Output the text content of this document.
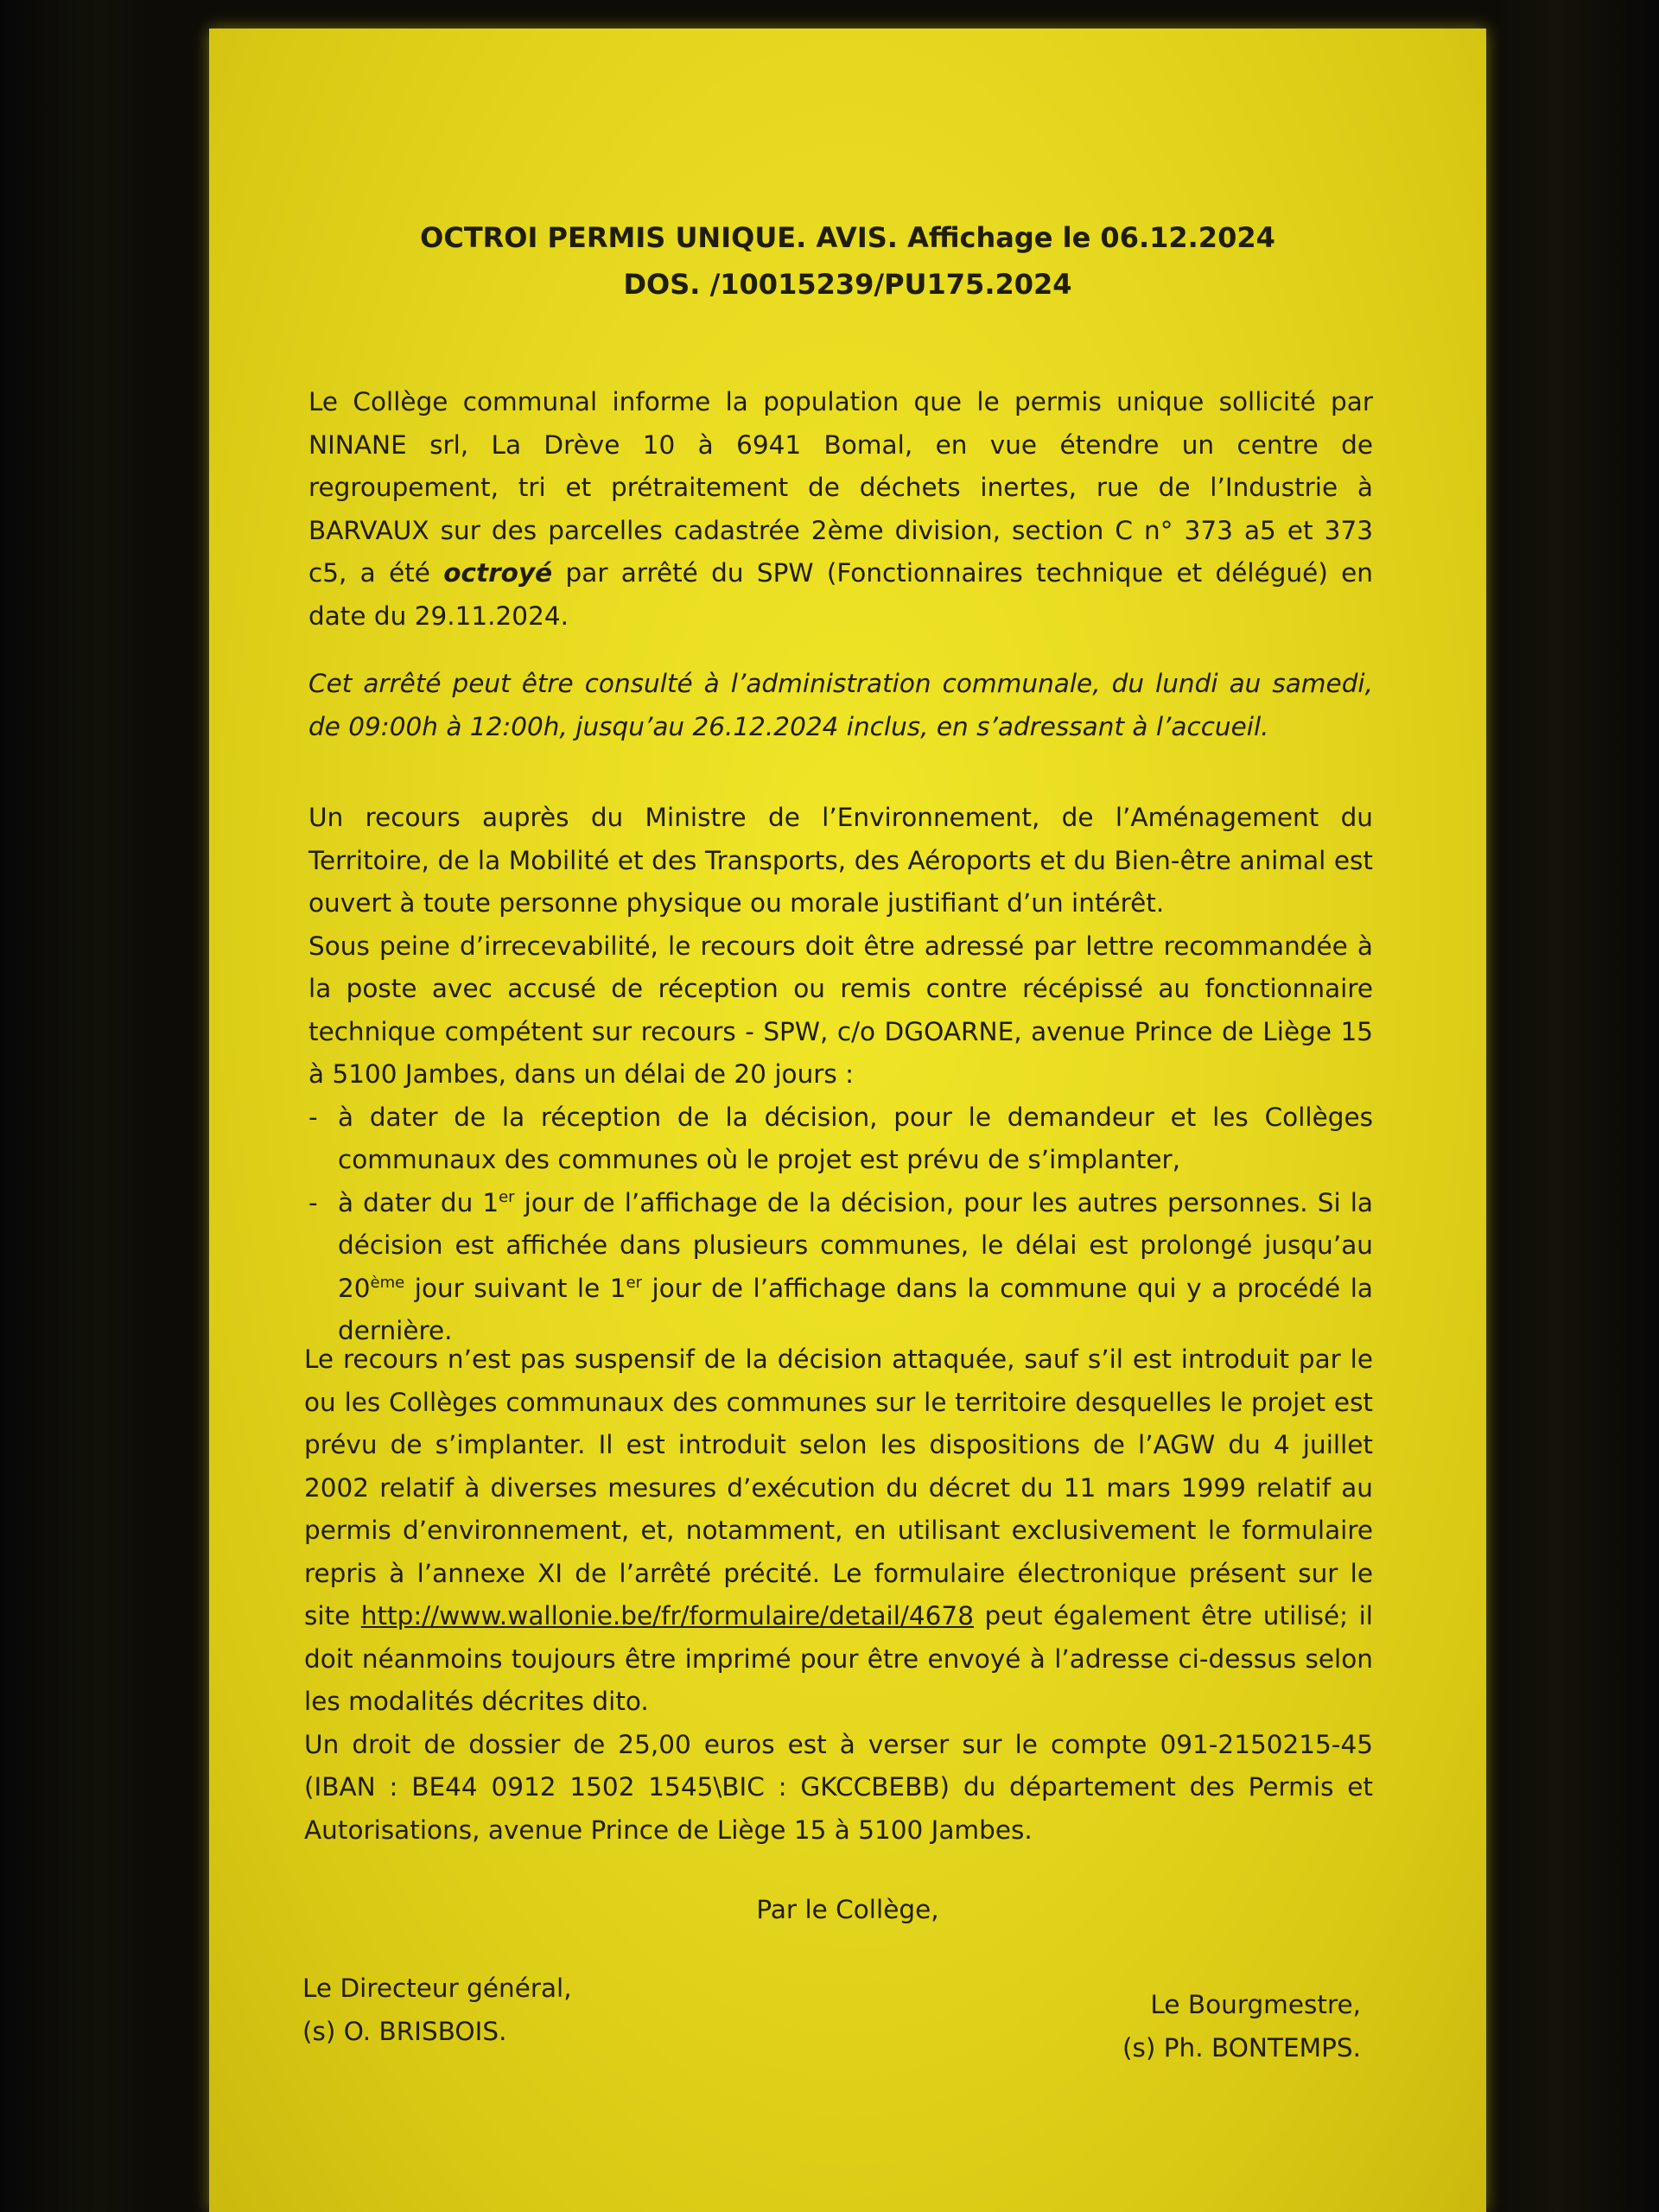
OCTROI PERMIS UNIQUE. AVIS. Affichage le 06.12.2024
DOS. /10015239/PU175.2024

Le Collège communal informe la population que le permis unique sollicité par NINANE srl, La Drève 10 à 6941 Bomal, en vue étendre un centre de regroupement, tri et prétraitement de déchets inertes, rue de l’Industrie à BARVAUX sur des parcelles cadastrée 2ème division, section C n° 373 a5 et 373 c5, a été octroyé par arrêté du SPW (Fonctionnaires technique et délégué) en date du 29.11.2024.

Cet arrêté peut être consulté à l’administration communale, du lundi au samedi, de 09:00h à 12:00h, jusqu’au 26.12.2024 inclus, en s’adressant à l’accueil.

Un recours auprès du Ministre de l’Environnement, de l’Aménagement du Territoire, de la Mobilité et des Transports, des Aéroports et du Bien-être animal est ouvert à toute personne physique ou morale justifiant d’un intérêt.

Sous peine d’irrecevabilité, le recours doit être adressé par lettre recommandée à la poste avec accusé de réception ou remis contre récépissé au fonctionnaire technique compétent sur recours - SPW, c/o DGOARNE, avenue Prince de Liège 15 à 5100 Jambes, dans un délai de 20 jours :

- à dater de la réception de la décision, pour le demandeur et les Collèges communaux des communes où le projet est prévu de s’implanter,
- à dater du 1er jour de l’affichage de la décision, pour les autres personnes. Si la décision est affichée dans plusieurs communes, le délai est prolongé jusqu’au 20ème jour suivant le 1er jour de l’affichage dans la commune qui y a procédé la dernière.

Le recours n’est pas suspensif de la décision attaquée, sauf s’il est introduit par le ou les Collèges communaux des communes sur le territoire desquelles le projet est prévu de s’implanter. Il est introduit selon les dispositions de l’AGW du 4 juillet 2002 relatif à diverses mesures d’exécution du décret du 11 mars 1999 relatif au permis d’environnement, et, notamment, en utilisant exclusivement le formulaire repris à l’annexe XI de l’arrêté précité. Le formulaire électronique présent sur le site http://www.wallonie.be/fr/formulaire/detail/4678 peut également être utilisé; il doit néanmoins toujours être imprimé pour être envoyé à l’adresse ci-dessus selon les modalités décrites dito.

Un droit de dossier de 25,00 euros est à verser sur le compte 091-2150215-45 (IBAN : BE44 0912 1502 1545\BIC : GKCCBEBB) du département des Permis et Autorisations, avenue Prince de Liège 15 à 5100 Jambes.

Par le Collège,
Le Directeur général,
(s) O. BRISBOIS.
Le Bourgmestre,
(s) Ph. BONTEMPS.
